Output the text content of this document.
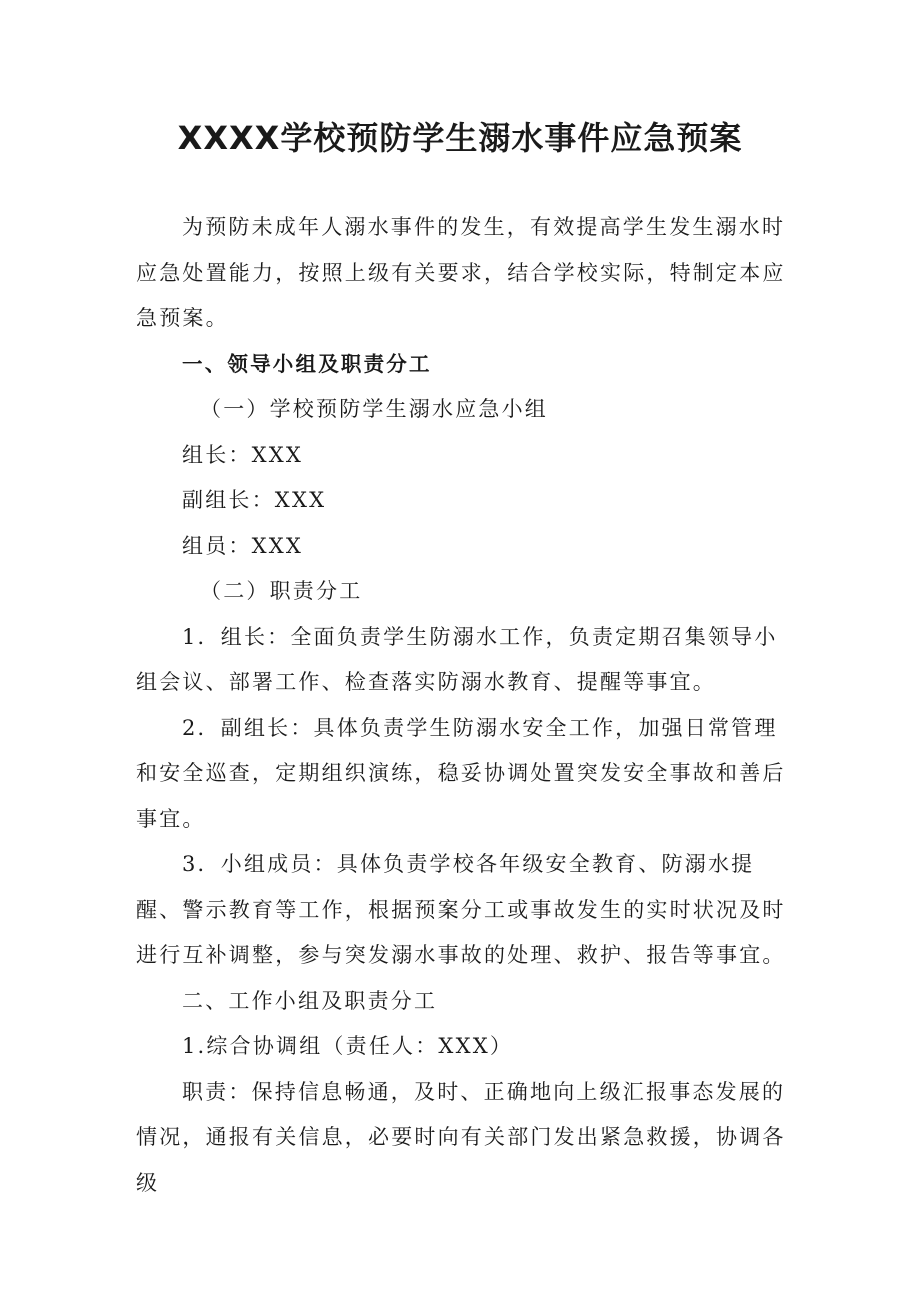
XXXX学校预防学生溺水事件应急预案

为预防未成年人溺水事件的发生，有效提高学生发生溺水时应急处置能力，按照上级有关要求，结合学校实际，特制定本应急预案。

一、领导小组及职责分工

（一）学校预防学生溺水应急小组

组长：XXX

副组长：XXX

组员：XXX

（二）职责分工

1．组长：全面负责学生防溺水工作，负责定期召集领导小组会议、部署工作、检查落实防溺水教育、提醒等事宜。

2．副组长：具体负责学生防溺水安全工作，加强日常管理和安全巡查，定期组织演练，稳妥协调处置突发安全事故和善后事宜。

3．小组成员：具体负责学校各年级安全教育、防溺水提醒、警示教育等工作，根据预案分工或事故发生的实时状况及时进行互补调整，参与突发溺水事故的处理、救护、报告等事宜。

二、工作小组及职责分工

1.综合协调组（责任人：XXX）

职责：保持信息畅通，及时、正确地向上级汇报事态发展的情况，通报有关信息，必要时向有关部门发出紧急救援，协调各级
